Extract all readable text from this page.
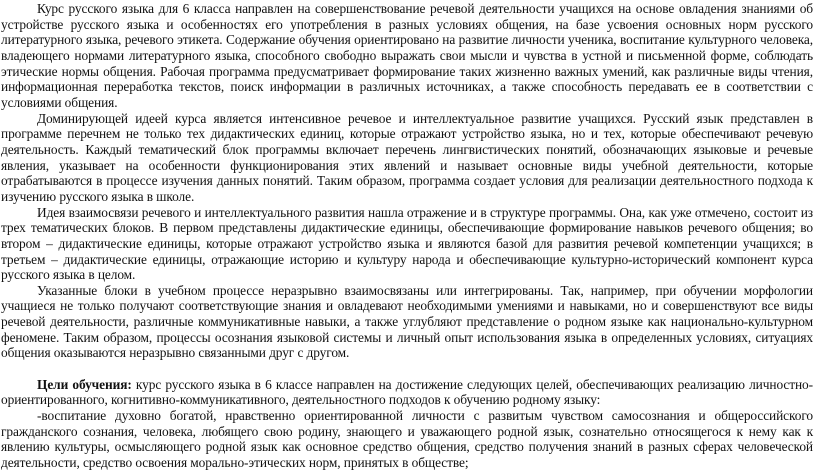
Курс русского языка для 6 класса направлен на совершенствование речевой деятельности учащихся на основе овладения знаниями об устройстве русского языка и особенностях его употребления в разных условиях общения, на базе усвоения основных норм русского литературного языка, речевого этикета. Содержание обучения ориентировано на развитие личности ученика, воспитание культурного человека, владеющего нормами литературного языка, способного свободно выражать свои мысли и чувства в устной и письменной форме, соблюдать этические нормы общения. Рабочая программа предусматривает формирование таких жизненно важных умений, как различные виды чтения, информационная переработка текстов, поиск информации в различных источниках, а также способность передавать ее в соответствии с условиями общения.

Доминирующей идеей курса является интенсивное речевое и интеллектуальное развитие учащихся. Русский язык представлен в программе перечнем не только тех дидактических единиц, которые отражают устройство языка, но и тех, которые обеспечивают речевую деятельность. Каждый тематический блок программы включает перечень лингвистических понятий, обозначающих языковые и речевые явления, указывает на особенности функционирования этих явлений и называет основные виды учебной деятельности, которые отрабатываются в процессе изучения данных понятий. Таким образом, программа создает условия для реализации деятельностного подхода к изучению русского языка в школе.

Идея взаимосвязи речевого и интеллектуального развития нашла отражение и в структуре программы. Она, как уже отмечено, состоит из трех тематических блоков. В первом представлены дидактические единицы, обеспечивающие формирование навыков речевого общения; во втором – дидактические единицы, которые отражают устройство языка и являются базой для развития речевой компетенции учащихся; в третьем – дидактические единицы, отражающие историю и культуру народа и обеспечивающие культурно-исторический компонент курса русского языка в целом.

Указанные блоки в учебном процессе неразрывно взаимосвязаны или интегрированы. Так, например, при обучении морфологии учащиеся не только получают соответствующие знания и овладевают необходимыми умениями и навыками, но и совершенствуют все виды речевой деятельности, различные коммуникативные навыки, а также углубляют представление о родном языке как национально-культурном феномене. Таким образом, процессы осознания языковой системы и личный опыт использования языка в определенных условиях, ситуациях общения оказываются неразрывно связанными друг с другом.

Цели обучения: курс русского языка в 6 классе направлен на достижение следующих целей, обеспечивающих реализацию личностно-ориентированного, когнитивно-коммуникативного, деятельностного подходов к обучению родному языку:

-воспитание духовно богатой, нравственно ориентированной личности с развитым чувством самосознания и общероссийского гражданского сознания, человека, любящего свою родину, знающего и уважающего родной язык, сознательно относящегося к нему как к явлению культуры, осмысляющего родной язык как основное средство общения, средство получения знаний в разных сферах человеческой деятельности, средство освоения морально-этических норм, принятых в обществе;
